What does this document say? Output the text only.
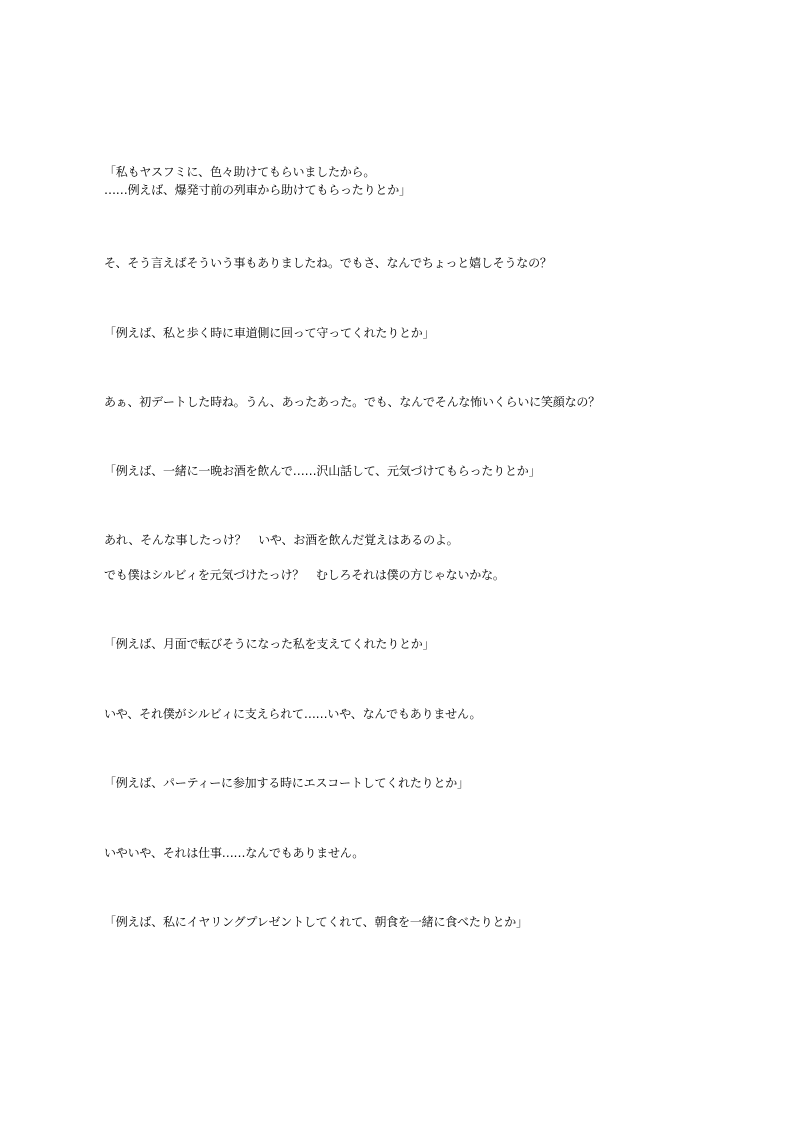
「私もヤスフミに、色々助けてもらいましたから。
……例えば、爆発寸前の列車から助けてもらったりとか」
そ、そう言えばそういう事もありましたね。でもさ、なんでちょっと嬉しそうなの？
「例えば、私と歩く時に車道側に回って守ってくれたりとか」
あぁ、初デートした時ね。うん、あったあった。でも、なんでそんな怖いくらいに笑顔なの？
「例えば、一緒に一晩お酒を飲んで……沢山話して、元気づけてもらったりとか」
あれ、そんな事したっけ？　いや、お酒を飲んだ覚えはあるのよ。
でも僕はシルビィを元気づけたっけ？　むしろそれは僕の方じゃないかな。
「例えば、月面で転びそうになった私を支えてくれたりとか」
いや、それ僕がシルビィに支えられて……いや、なんでもありません。
「例えば、パーティーに参加する時にエスコートしてくれたりとか」
いやいや、それは仕事……なんでもありません。
「例えば、私にイヤリングプレゼントしてくれて、朝食を一緒に食べたりとか」
